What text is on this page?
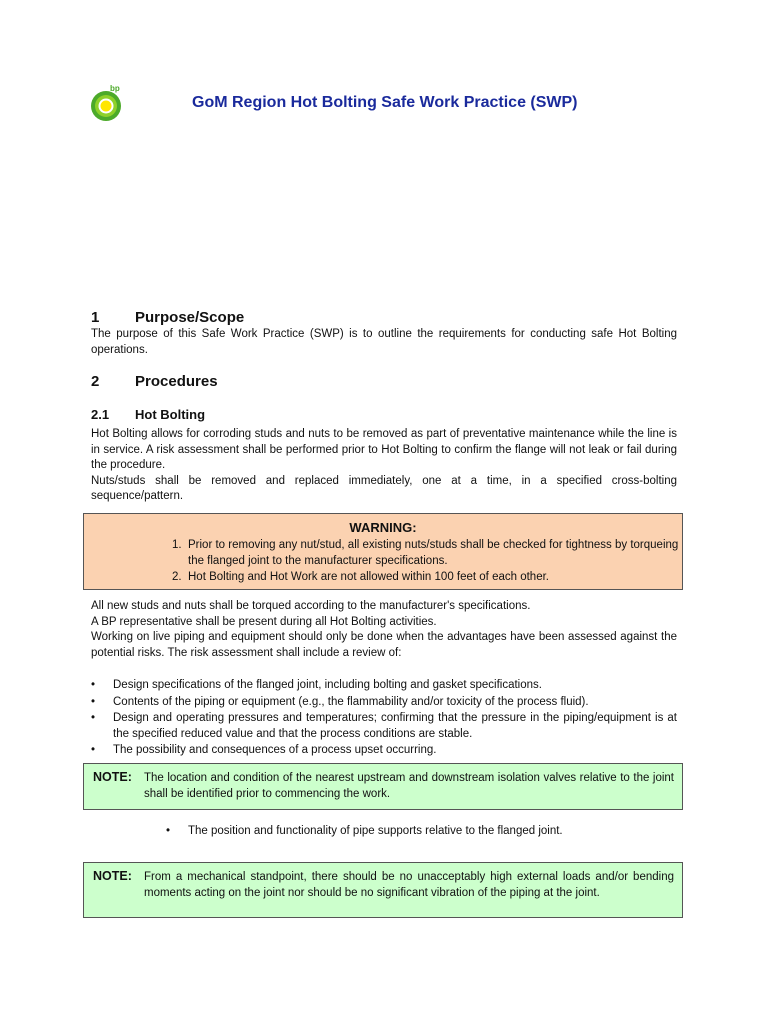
bp
GoM Region Hot Bolting Safe Work Practice (SWP)
1 Purpose/Scope

The purpose of this Safe Work Practice (SWP) is to outline the requirements for conducting safe Hot Bolting operations.

2 Procedures
2.1 Hot Bolting

Hot Bolting allows for corroding studs and nuts to be removed as part of preventative maintenance while the line is in service. A risk assessment shall be performed prior to Hot Bolting to confirm the flange will not leak or fail during the procedure.

Nuts/studs shall be removed and replaced immediately, one at a time, in a specified cross-bolting sequence/pattern.

WARNING:
1. Prior to removing any nut/stud, all existing nuts/studs shall be checked for tightness by torqueing the flanged joint to the manufacturer specifications.
2. Hot Bolting and Hot Work are not allowed within 100 feet of each other.

All new studs and nuts shall be torqued according to the manufacturer's specifications.

A BP representative shall be present during all Hot Bolting activities.

Working on live piping and equipment should only be done when the advantages have been assessed against the potential risks. The risk assessment shall include a review of:

• Design specifications of the flanged joint, including bolting and gasket specifications.
• Contents of the piping or equipment (e.g., the flammability and/or toxicity of the process fluid).
• Design and operating pressures and temperatures; confirming that the pressure in the piping/equipment is at the specified reduced value and that the process conditions are stable.
• The possibility and consequences of a process upset occurring.
NOTE: The location and condition of the nearest upstream and downstream isolation valves relative to the joint shall be identified prior to commencing the work.
• The position and functionality of pipe supports relative to the flanged joint.
NOTE: From a mechanical standpoint, there should be no unacceptably high external loads and/or bending moments acting on the joint nor should be no significant vibration of the piping at the joint.
